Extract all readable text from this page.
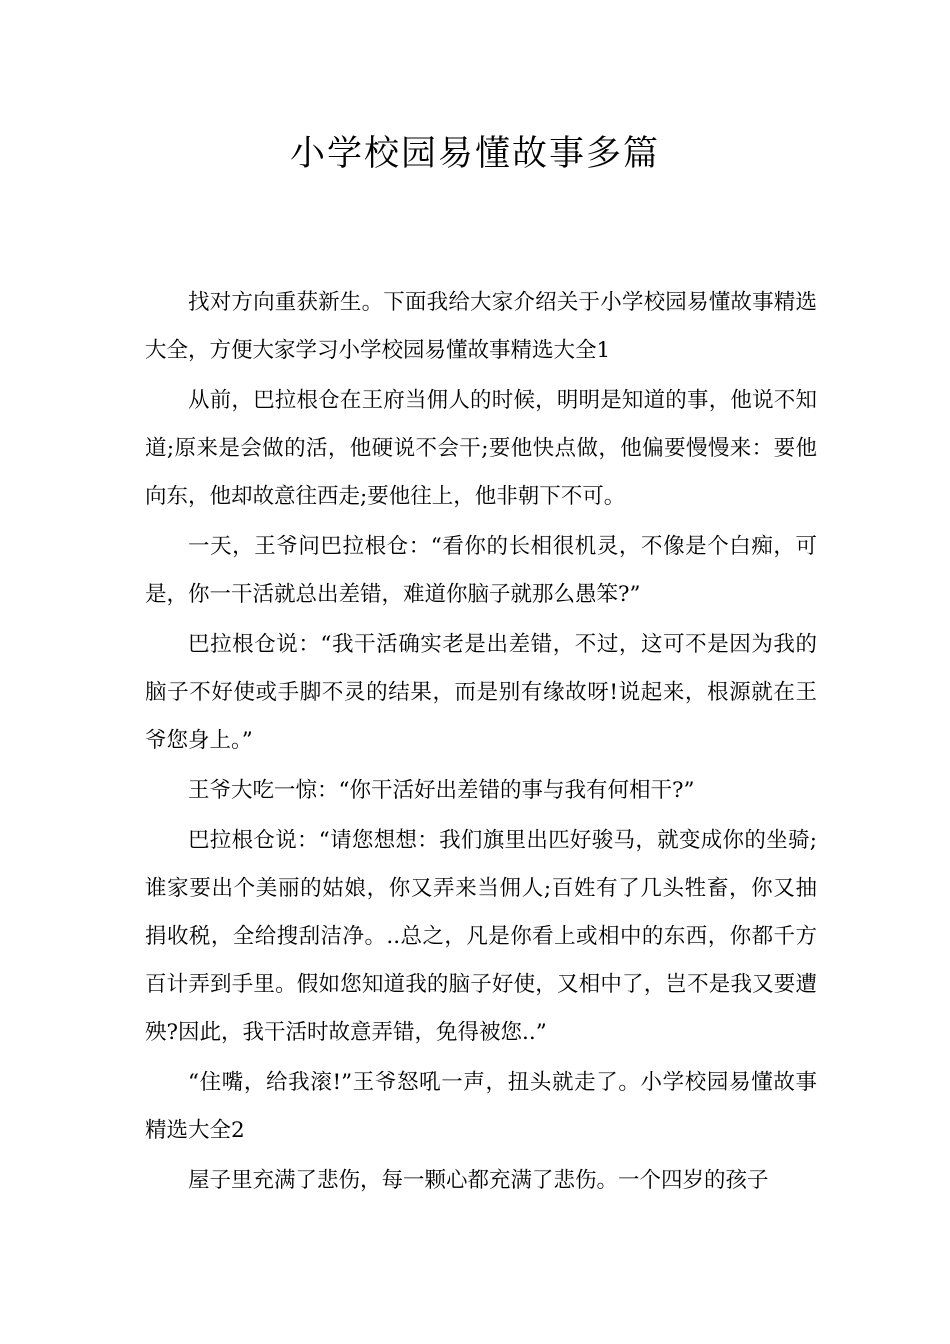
小学校园易懂故事多篇

找对方向重获新生。下面我给大家介绍关于小学校园易懂故事精选大全，方便大家学习小学校园易懂故事精选大全1

从前，巴拉根仓在王府当佣人的时候，明明是知道的事，他说不知道;原来是会做的活，他硬说不会干;要他快点做，他偏要慢慢来：要他向东，他却故意往西走;要他往上，他非朝下不可。

一天，王爷问巴拉根仓：“看你的长相很机灵，不像是个白痴，可是，你一干活就总出差错，难道你脑子就那么愚笨?”

巴拉根仓说：“我干活确实老是出差错，不过，这可不是因为我的脑子不好使或手脚不灵的结果，而是别有缘故呀!说起来，根源就在王爷您身上。”

王爷大吃一惊：“你干活好出差错的事与我有何相干?”

巴拉根仓说：“请您想想：我们旗里出匹好骏马，就变成你的坐骑;谁家要出个美丽的姑娘，你又弄来当佣人;百姓有了几头牲畜，你又抽捐收税，全给搜刮洁净。..总之，凡是你看上或相中的东西，你都千方百计弄到手里。假如您知道我的脑子好使，又相中了，岂不是我又要遭殃?因此，我干活时故意弄错，免得被您..”

“住嘴，给我滚!”王爷怒吼一声，扭头就走了。小学校园易懂故事精选大全2

屋子里充满了悲伤，每一颗心都充满了悲伤。一个四岁的孩子
